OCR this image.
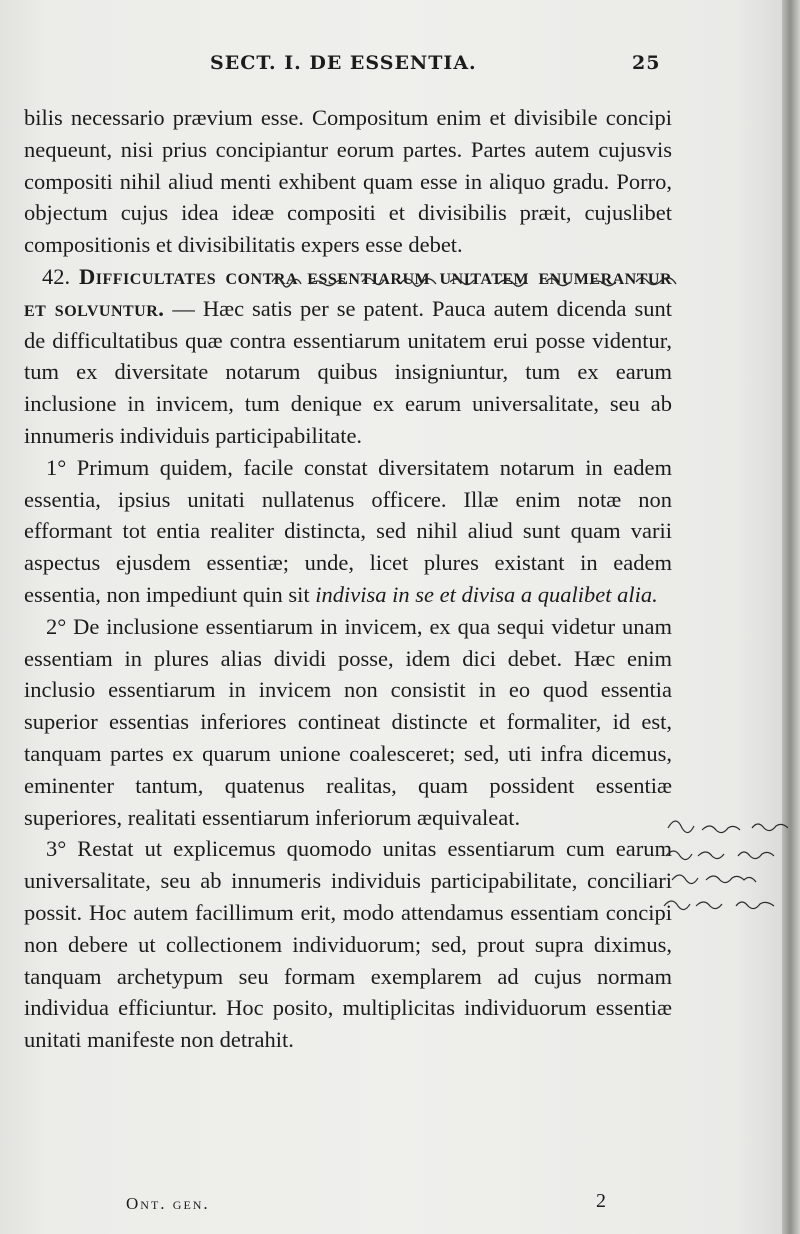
SECT. I. DE ESSENTIA.	25

bilis necessario prævium esse. Compositum enim et divisibile concipi nequeunt, nisi prius concipiantur eorum partes. Partes autem cujusvis compositi nihil aliud menti exhibent quam esse in aliquo gradu. Porro, objectum cujus idea ideæ compositi et divisibilis præit, cujuslibet compositionis et divisibilitatis expers esse debet.

42. Difficultates contra essentiarum unitatem enumerantur et solvuntur. — Hæc satis per se patent. Pauca autem dicenda sunt de difficultatibus quæ contra essentiarum unitatem erui posse videntur, tum ex diversitate notarum quibus insigniuntur, tum ex earum inclusione in invicem, tum denique ex earum universalitate, seu ab innumeris individuis participabilitate.

1° Primum quidem, facile constat diversitatem notarum in eadem essentia, ipsius unitati nullatenus officere. Illæ enim notæ non efformant tot entia realiter distincta, sed nihil aliud sunt quam varii aspectus ejusdem essentiæ; unde, licet plures existant in eadem essentia, non impediunt quin sit indivisa in se et divisa a qualibet alia.

2° De inclusione essentiarum in invicem, ex qua sequi videtur unam essentiam in plures alias dividi posse, idem dici debet. Hæc enim inclusio essentiarum in invicem non consistit in eo quod essentia superior essentias inferiores contineat distincte et formaliter, id est, tanquam partes ex quarum unione coalesceret; sed, uti infra dicemus, eminenter tantum, quatenus realitas, quam possident essentiæ superiores, realitati essentiarum inferiorum æquivaleat.

3° Restat ut explicemus quomodo unitas essentiarum cum earum universalitate, seu ab innumeris individuis participabilitate, conciliari possit. Hoc autem facillimum erit, modo attendamus essentiam concipi non debere ut collectionem individuorum; sed, prout supra diximus, tanquam archetypum seu formam exemplarem ad cujus normam individua efficiuntur. Hoc posito, multiplicitas individuorum essentiæ unitati manifeste non detrahit.

Ont. gen.	2
